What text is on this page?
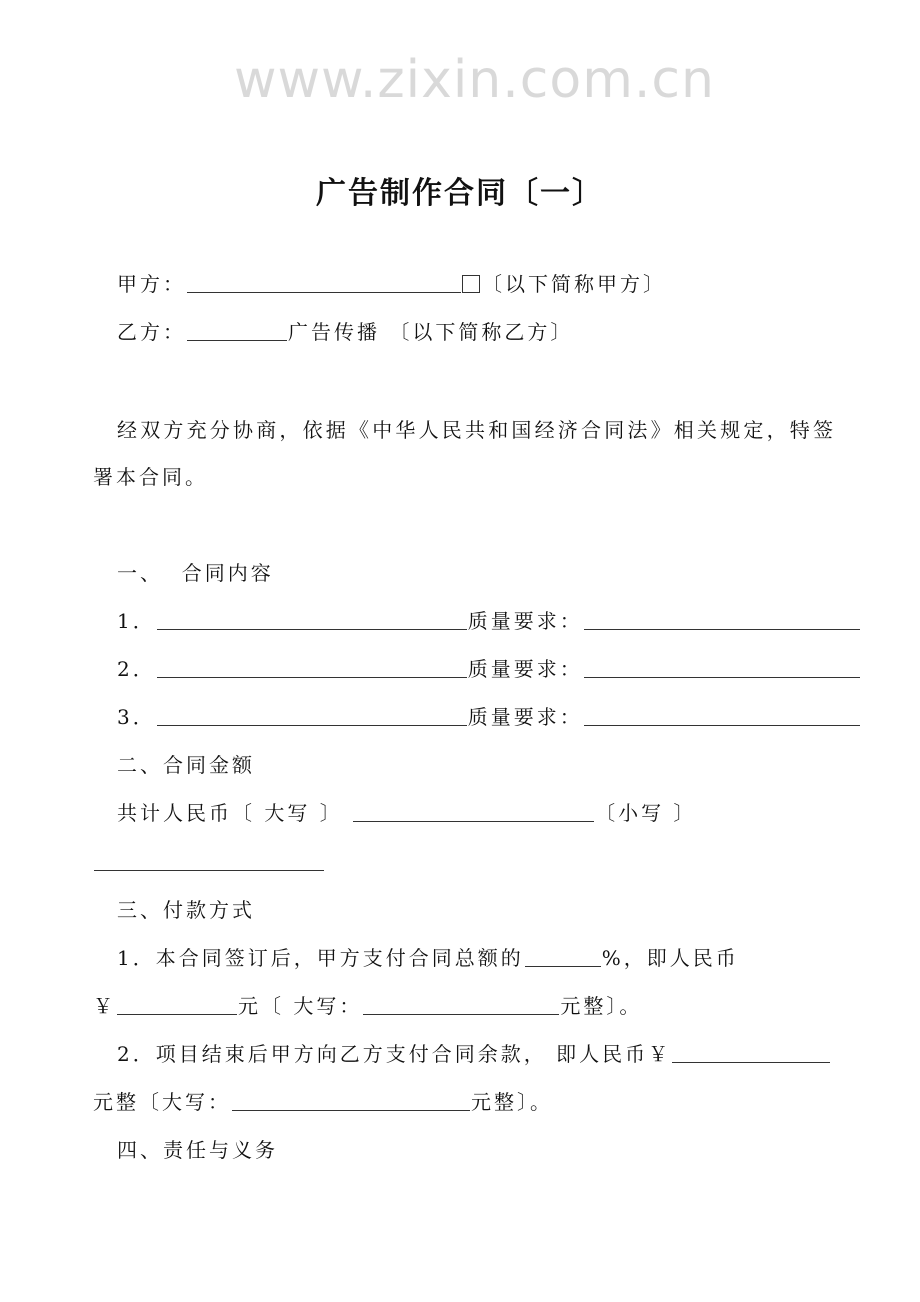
www.zixin.com.cn
广告制作合同〔一〕
甲方：	〔以下简称甲方〕
乙方：	广告传播 〔以下简称乙方〕
经双方充分协商，依据《中华人民共和国经济合同法》相关规定，特签
署本合同。
一、  合同内容
1．	质量要求：
2．	质量要求：
3．	质量要求：
二、合同金额
共计人民币〔 大写 〕	〔小写 〕
三、付款方式
1．本合同签订后，甲方支付合同总额的	%，即人民币
￥	元〔 大写：	元整〕。
2．项目结束后甲方向乙方支付合同余款， 即人民币￥
元整〔大写：	元整〕。
四、责任与义务
